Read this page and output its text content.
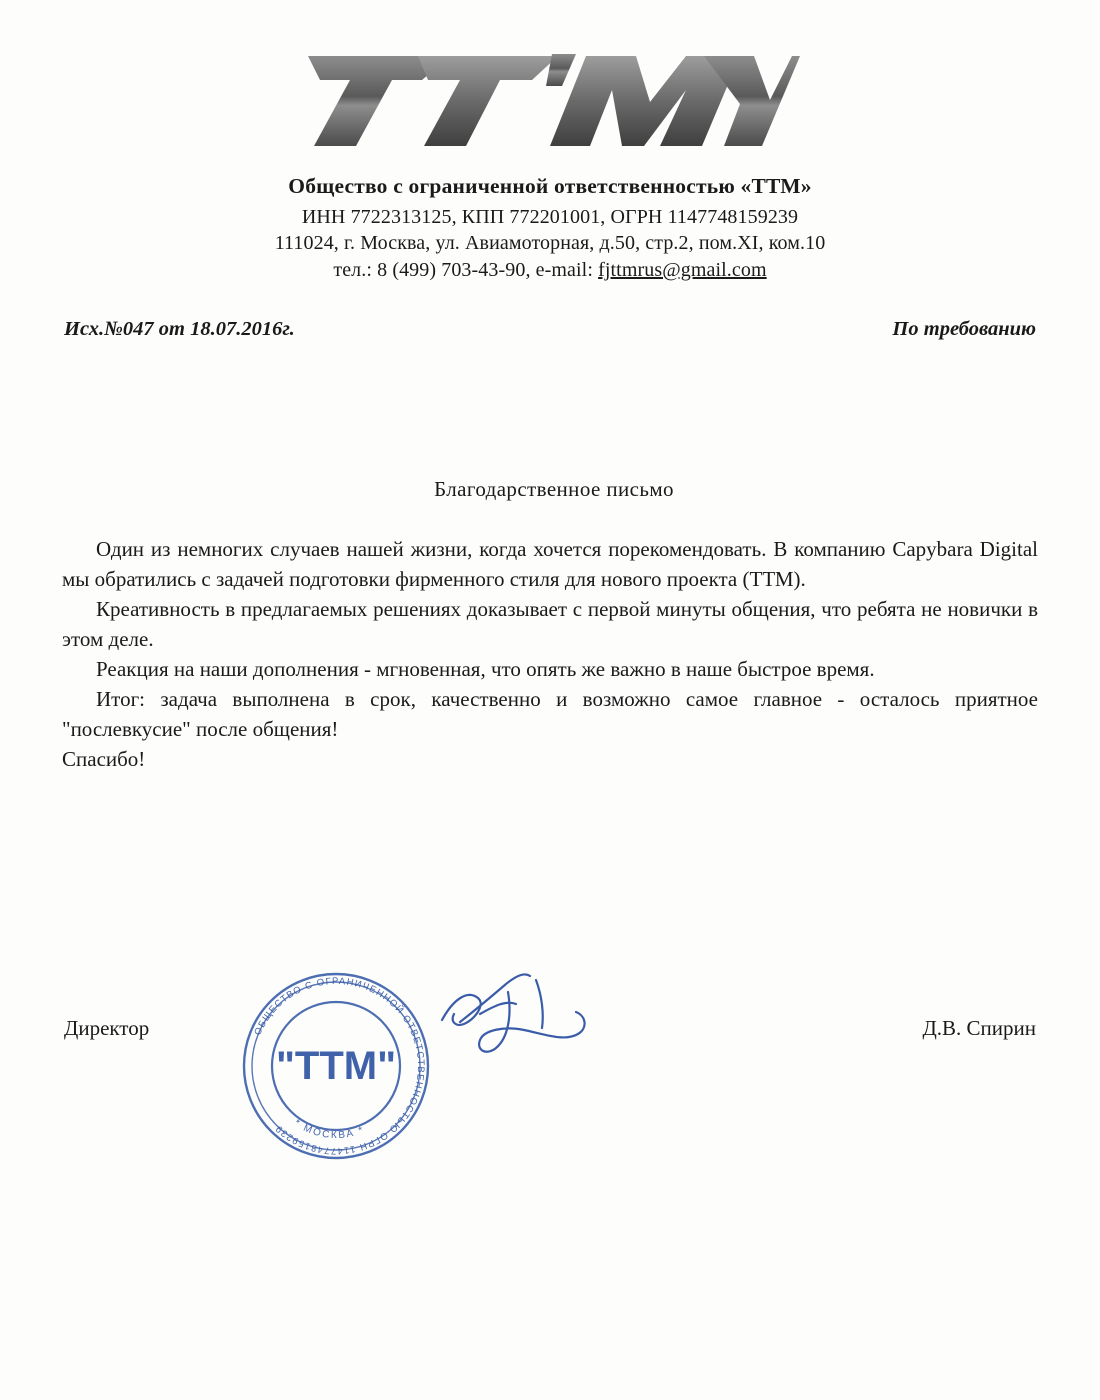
Общество с ограниченной ответственностью «ТТМ»
ИНН 7722313125, КПП 772201001, ОГРН 1147748159239
111024, г. Москва, ул. Авиамоторная, д.50, стр.2, пом.XI, ком.10
тел.: 8 (499) 703-43-90, e-mail: fjttmrus@gmail.com
Исх.№047 от 18.07.2016г.	По требованию
Благодарственное письмо

Один из немногих случаев нашей жизни, когда хочется порекомендовать. В компанию Capybara Digital мы обратились с задачей подготовки фирменного стиля для нового проекта (ТТМ).

Креативность в предлагаемых решениях доказывает с первой минуты общения, что ребята не новички в этом деле.

Реакция на наши дополнения - мгновенная, что опять же важно в наше быстрое время.

Итог: задача выполнена в срок, качественно и возможно самое главное - осталось приятное "послевкусие" после общения!

Спасибо!

Директор	Д.В. Спирин
ОБЩЕСТВО С ОГРАНИЧЕННОЙ ОТВЕТСТВЕННОСТЬЮ ОГРН 1147748159239 * МОСКВА *
"ТТМ"
